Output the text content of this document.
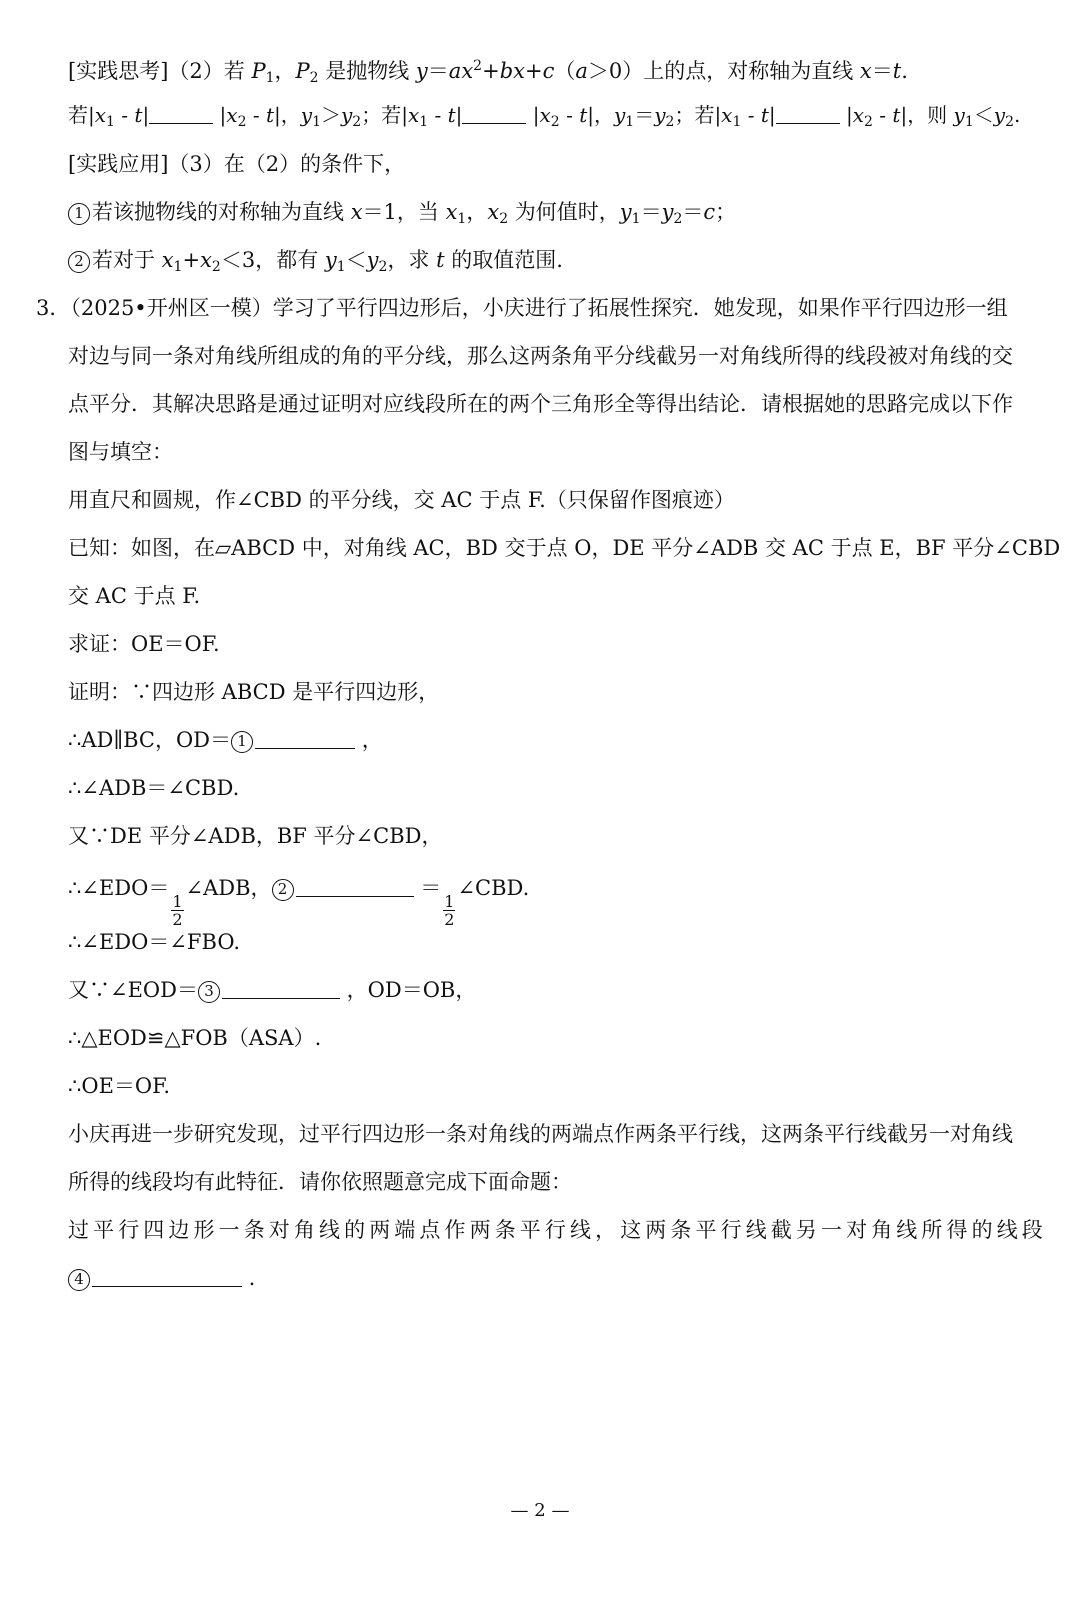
[实践思考]（2）若 $P_1$，$P_2$ 是抛物线 $y=ax^2+bx+c(a>0)$上的点，对称轴为直线 x＝t.
若$|x_1 - t|$	$|x_2 - t|$，$y_1>y_2$；若$|x_1 - t|$	$|x_2 - t|$，$y_1=y_2$；若$|x_1 - t|$	$|x_2 - t|$，则 $y_1<y_2$.
[实践应用]（3）在（2）的条件下，
1 若该抛物线的对称轴为直线 x＝1，当 $x_1$，$x_2$ 为何值时，$y_1=y_2=c$；
2 若对于 $x_1+x_2<3$，都有 $y_1<y_2$，求 t 的取值范围.
3．（2025•开州区一模）学习了平行四边形后，小庆进行了拓展性探究．她发现，如果作平行四边形一组
对边与同一条对角线所组成的角的平分线，那么这两条角平分线截另一对角线所得的线段被对角线的交
点平分．其解决思路是通过证明对应线段所在的两个三角形全等得出结论．请根据她的思路完成以下作
图与填空：
用直尺和圆规，作∠CBD 的平分线，交 AC 于点 F.（只保留作图痕迹）
已知：如图，在▱ABCD 中，对角线 AC，BD 交于点 O，DE 平分∠ADB 交 AC 于点 E，BF 平分∠CBD
交 AC 于点 F.
求证：OE＝OF.
证明：∵四边形 ABCD 是平行四边形，
∴AD∥BC，OD＝ 1	，
∴∠ADB＝∠CBD.
又∵DE 平分∠ADB，BF 平分∠CBD，
∴∠EDO＝
$\frac{1}{2}$
∠ADB， 2	＝
$\frac{1}{2}$
∠CBD.
∴∠EDO＝∠FBO.
又∵∠EOD＝ 3	，OD＝OB，
∴△EOD≌△FOB（ASA）.
∴OE＝OF.
小庆再进一步研究发现，过平行四边形一条对角线的两端点作两条平行线，这两条平行线截另一对角线
所得的线段均有此特征．请你依照题意完成下面命题：
过平行四边形一条对角线的两端点作两条平行线，这两条平行线截另一对角线所得的线段
4	.
— 2 —
